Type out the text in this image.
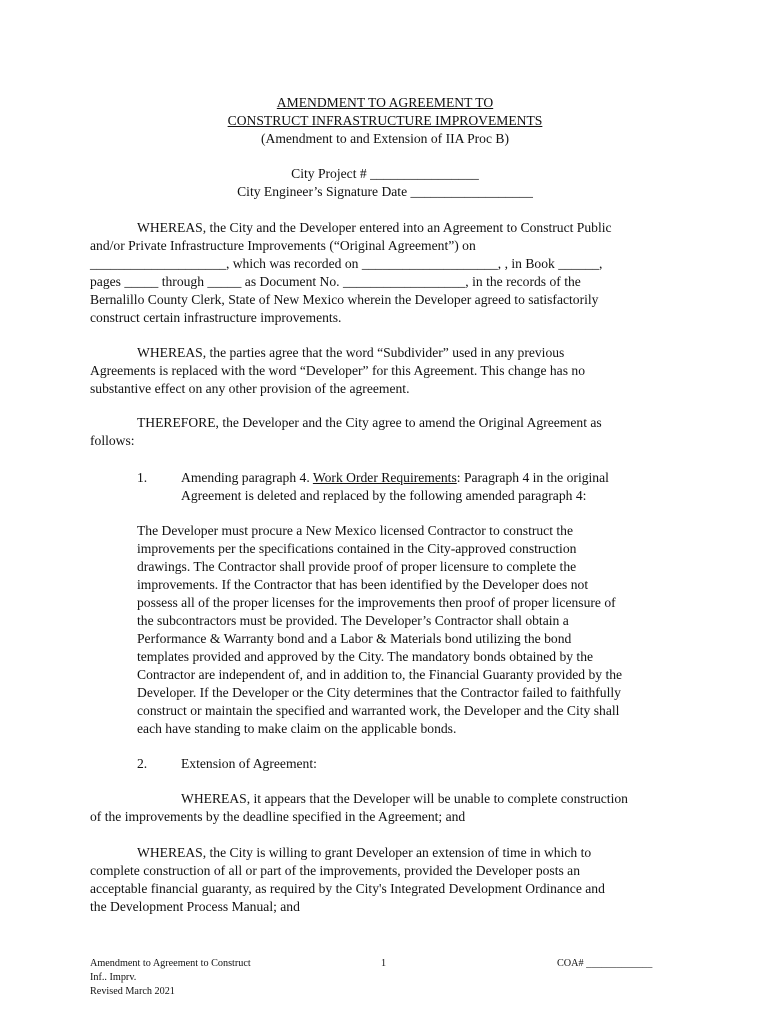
AMENDMENT TO AGREEMENT TO
CONSTRUCT INFRASTRUCTURE IMPROVEMENTS
(Amendment to and Extension of IIA Proc B)
City Project # ________________
City Engineer’s Signature Date __________________
WHEREAS, the City and the Developer entered into an Agreement to Construct Public
and/or Private Infrastructure Improvements (“Original Agreement”) on
____________________, which was recorded on ____________________, , in Book ______,
pages _____ through _____ as Document No. __________________, in the records of the
Bernalillo County Clerk, State of New Mexico wherein the Developer agreed to satisfactorily
construct certain infrastructure improvements.
WHEREAS, the parties agree that the word “Subdivider” used in any previous
Agreements is replaced with the word “Developer” for this Agreement. This change has no
substantive effect on any other provision of the agreement.
THEREFORE, the Developer and the City agree to amend the Original Agreement as
follows:
1. Amending paragraph 4. Work Order Requirements: Paragraph 4 in the original
Agreement is deleted and replaced by the following amended paragraph 4:
The Developer must procure a New Mexico licensed Contractor to construct the
improvements per the specifications contained in the City-approved construction
drawings. The Contractor shall provide proof of proper licensure to complete the
improvements. If the Contractor that has been identified by the Developer does not
possess all of the proper licenses for the improvements then proof of proper licensure of
the subcontractors must be provided. The Developer’s Contractor shall obtain a
Performance & Warranty bond and a Labor & Materials bond utilizing the bond
templates provided and approved by the City. The mandatory bonds obtained by the
Contractor are independent of, and in addition to, the Financial Guaranty provided by the
Developer. If the Developer or the City determines that the Contractor failed to faithfully
construct or maintain the specified and warranted work, the Developer and the City shall
each have standing to make claim on the applicable bonds.
2. Extension of Agreement:
WHEREAS, it appears that the Developer will be unable to complete construction
of the improvements by the deadline specified in the Agreement; and
WHEREAS, the City is willing to grant Developer an extension of time in which to
complete construction of all or part of the improvements, provided the Developer posts an
acceptable financial guaranty, as required by the City's Integrated Development Ordinance and
the Development Process Manual; and
Amendment to Agreement to Construct
Inf.. Imprv.
Revised March 2021
1	COA# _____________
